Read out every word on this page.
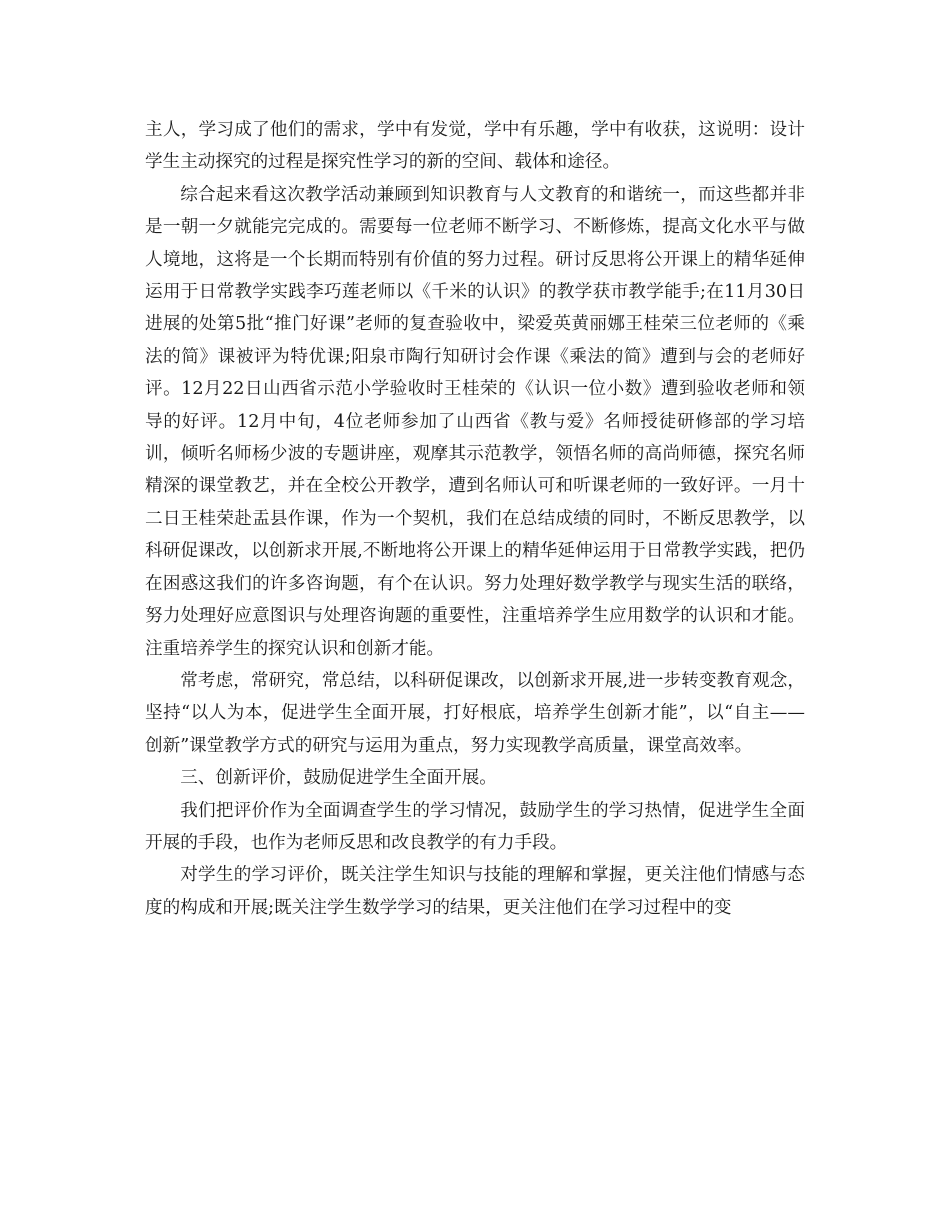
主人，学习成了他们的需求，学中有发觉，学中有乐趣，学中有收获，这说明：设计学生主动探究的过程是探究性学习的新的空间、载体和途径。

综合起来看这次教学活动兼顾到知识教育与人文教育的和谐统一，而这些都并非是一朝一夕就能完完成的。需要每一位老师不断学习、不断修炼，提高文化水平与做人境地，这将是一个长期而特别有价值的努力过程。研讨反思将公开课上的精华延伸运用于日常教学实践李巧莲老师以《千米的认识》的教学获市教学能手;在11月30日进展的处第5批“推门好课”老师的复查验收中，梁爱英黄丽娜王桂荣三位老师的《乘法的简》课被评为特优课;阳泉市陶行知研讨会作课《乘法的简》遭到与会的老师好评。12月22日山西省示范小学验收时王桂荣的《认识一位小数》遭到验收老师和领导的好评。12月中旬，4位老师参加了山西省《教与爱》名师授徒研修部的学习培训，倾听名师杨少波的专题讲座，观摩其示范教学，领悟名师的高尚师德，探究名师精深的课堂教艺，并在全校公开教学，遭到名师认可和听课老师的一致好评。一月十二日王桂荣赴盂县作课，作为一个契机，我们在总结成绩的同时，不断反思教学，以科研促课改，以创新求开展,不断地将公开课上的精华延伸运用于日常教学实践，把仍在困惑这我们的许多咨询题，有个在认识。努力处理好数学教学与现实生活的联络，努力处理好应意图识与处理咨询题的重要性，注重培养学生应用数学的认识和才能。注重培养学生的探究认识和创新才能。

常考虑，常研究，常总结，以科研促课改，以创新求开展,进一步转变教育观念，坚持“以人为本，促进学生全面开展，打好根底，培养学生创新才能”，以“自主——创新”课堂教学方式的研究与运用为重点，努力实现教学高质量，课堂高效率。

三、创新评价，鼓励促进学生全面开展。

我们把评价作为全面调查学生的学习情况，鼓励学生的学习热情，促进学生全面开展的手段，也作为老师反思和改良教学的有力手段。

对学生的学习评价，既关注学生知识与技能的理解和掌握，更关注他们情感与态度的构成和开展;既关注学生数学学习的结果，更关注他们在学习过程中的变
